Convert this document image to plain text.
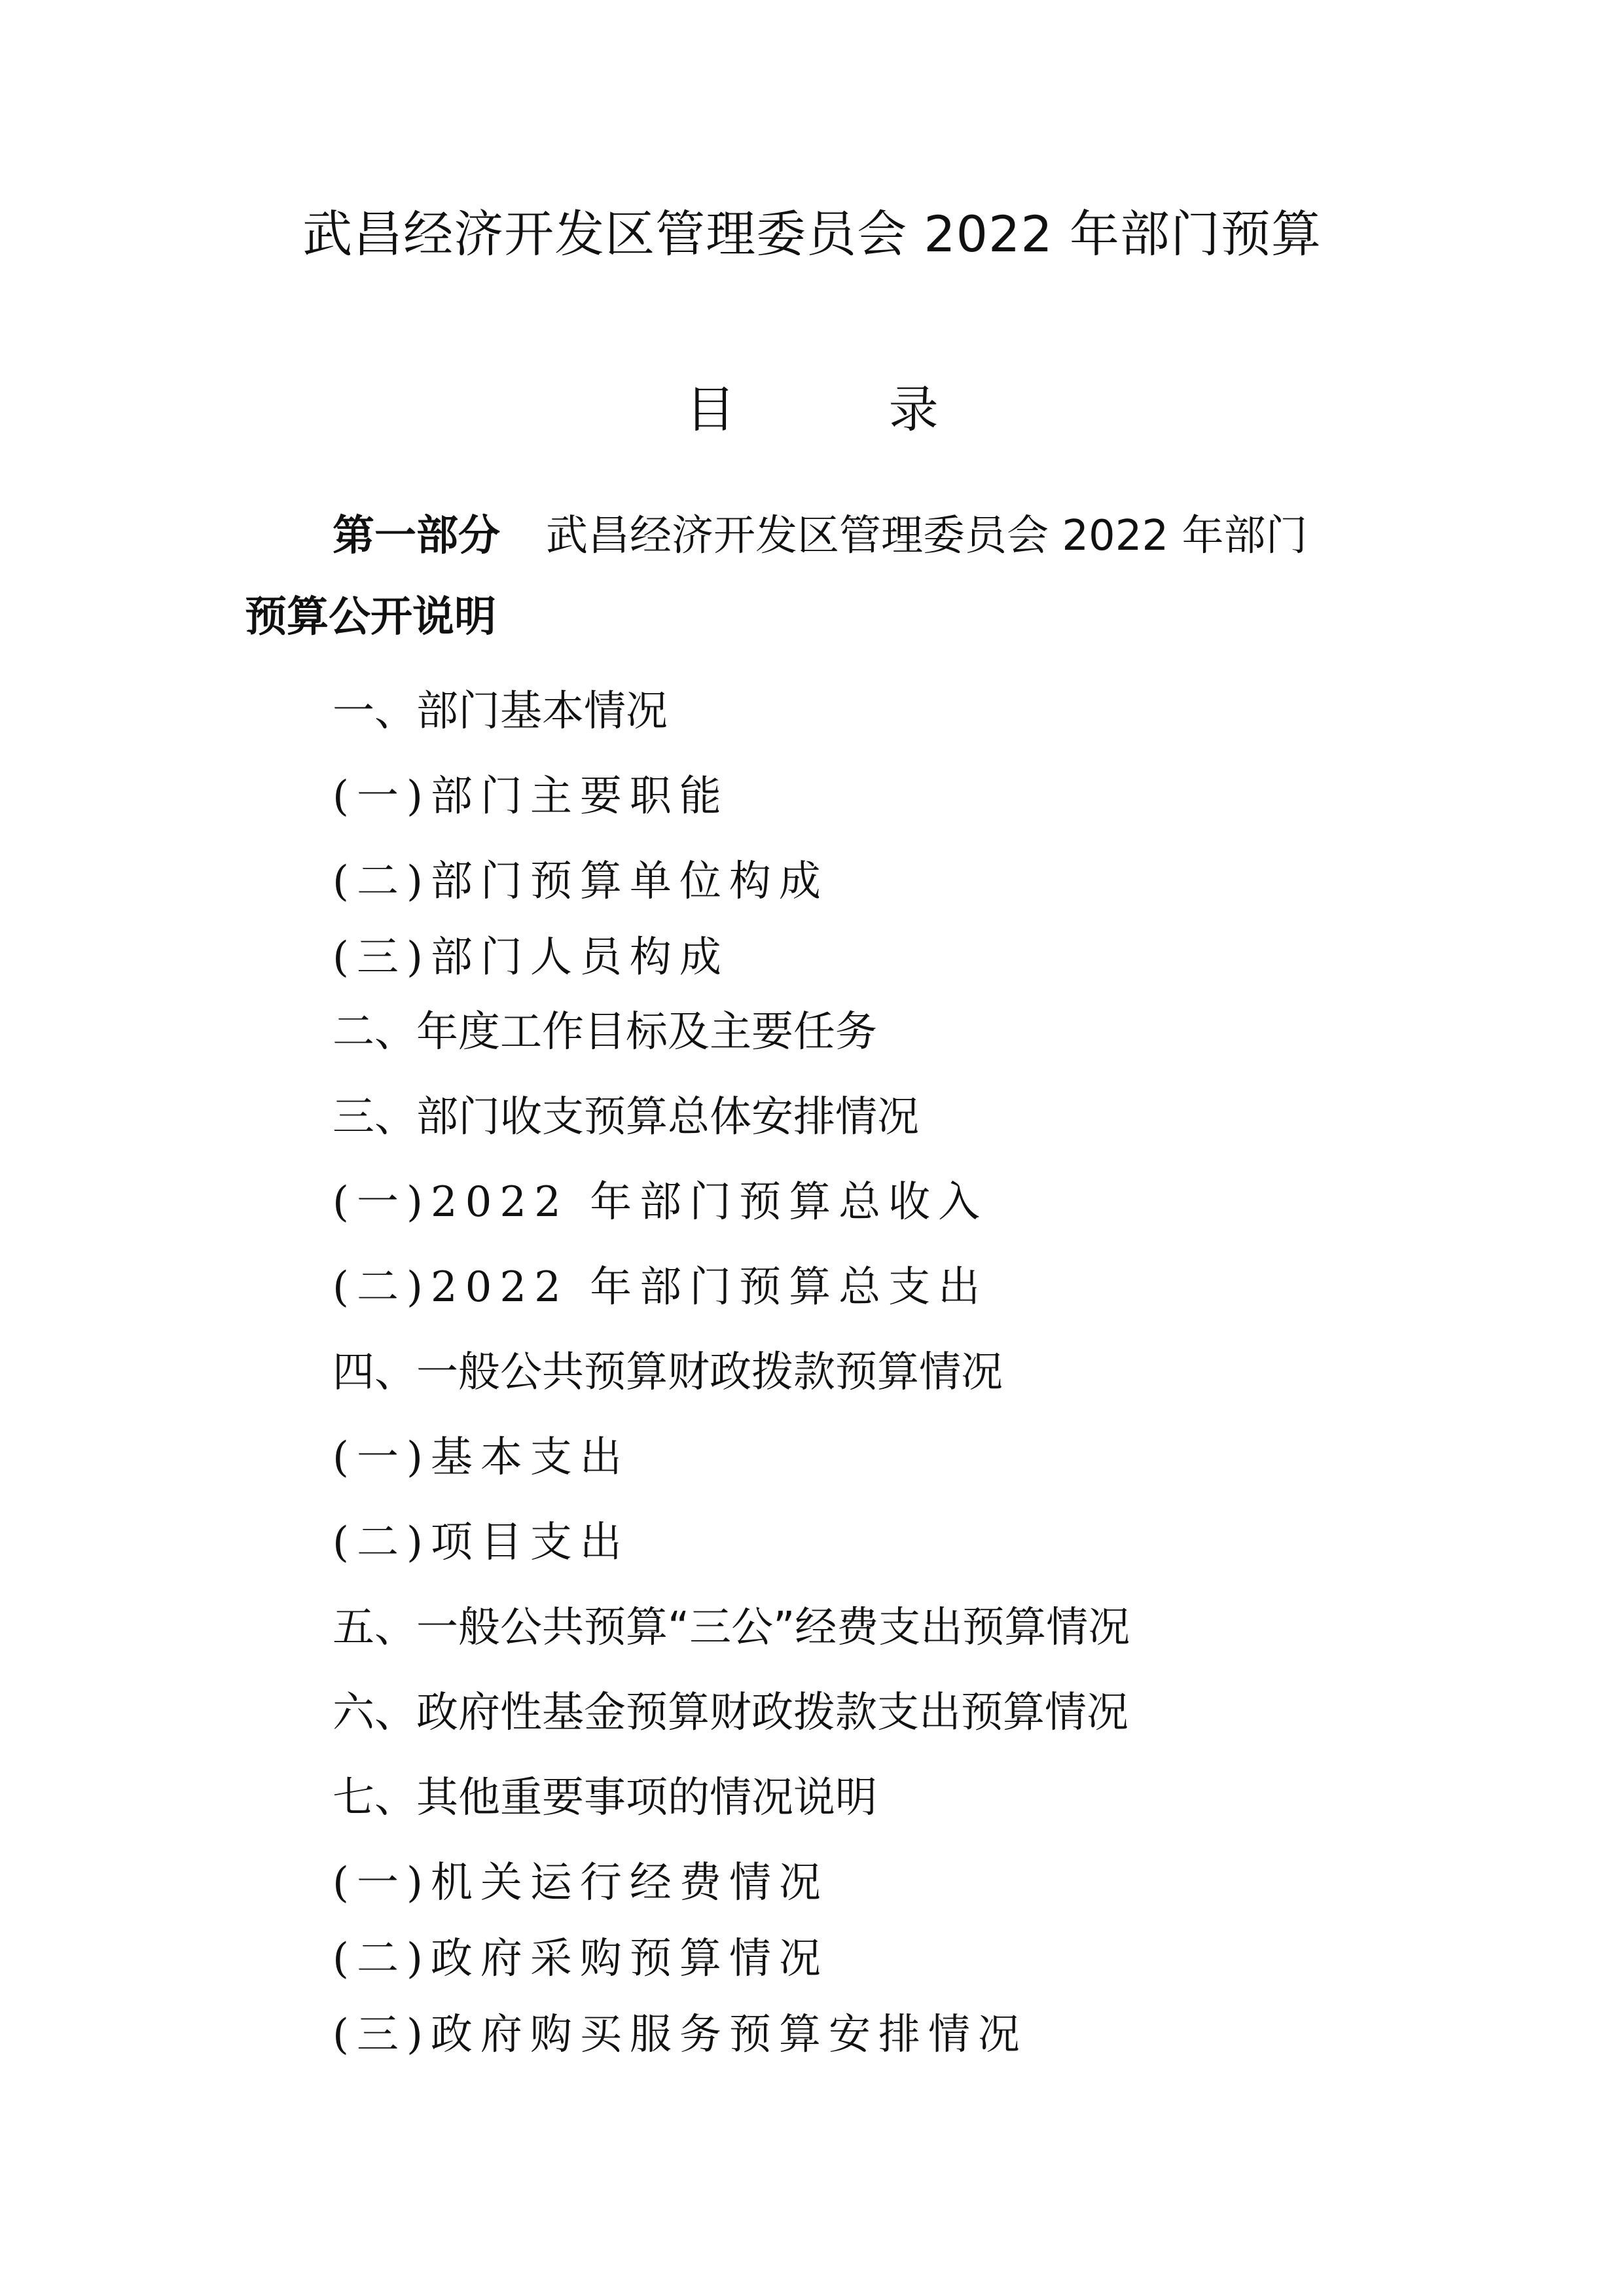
武昌经济开发区管理委员会 2022 年部门预算
目 录
第一部分 武昌经济开发区管理委员会 2022 年部门
预算公开说明
一、部门基本情况
(一)部门主要职能
(二)部门预算单位构成
(三)部门人员构成
二、年度工作目标及主要任务
三、部门收支预算总体安排情况
(一)2022 年部门预算总收入
(二)2022 年部门预算总支出
四、一般公共预算财政拨款预算情况
(一)基本支出
(二)项目支出
五、一般公共预算“三公”经费支出预算情况
六、政府性基金预算财政拨款支出预算情况
七、其他重要事项的情况说明
(一)机关运行经费情况
(二)政府采购预算情况
(三)政府购买服务预算安排情况
